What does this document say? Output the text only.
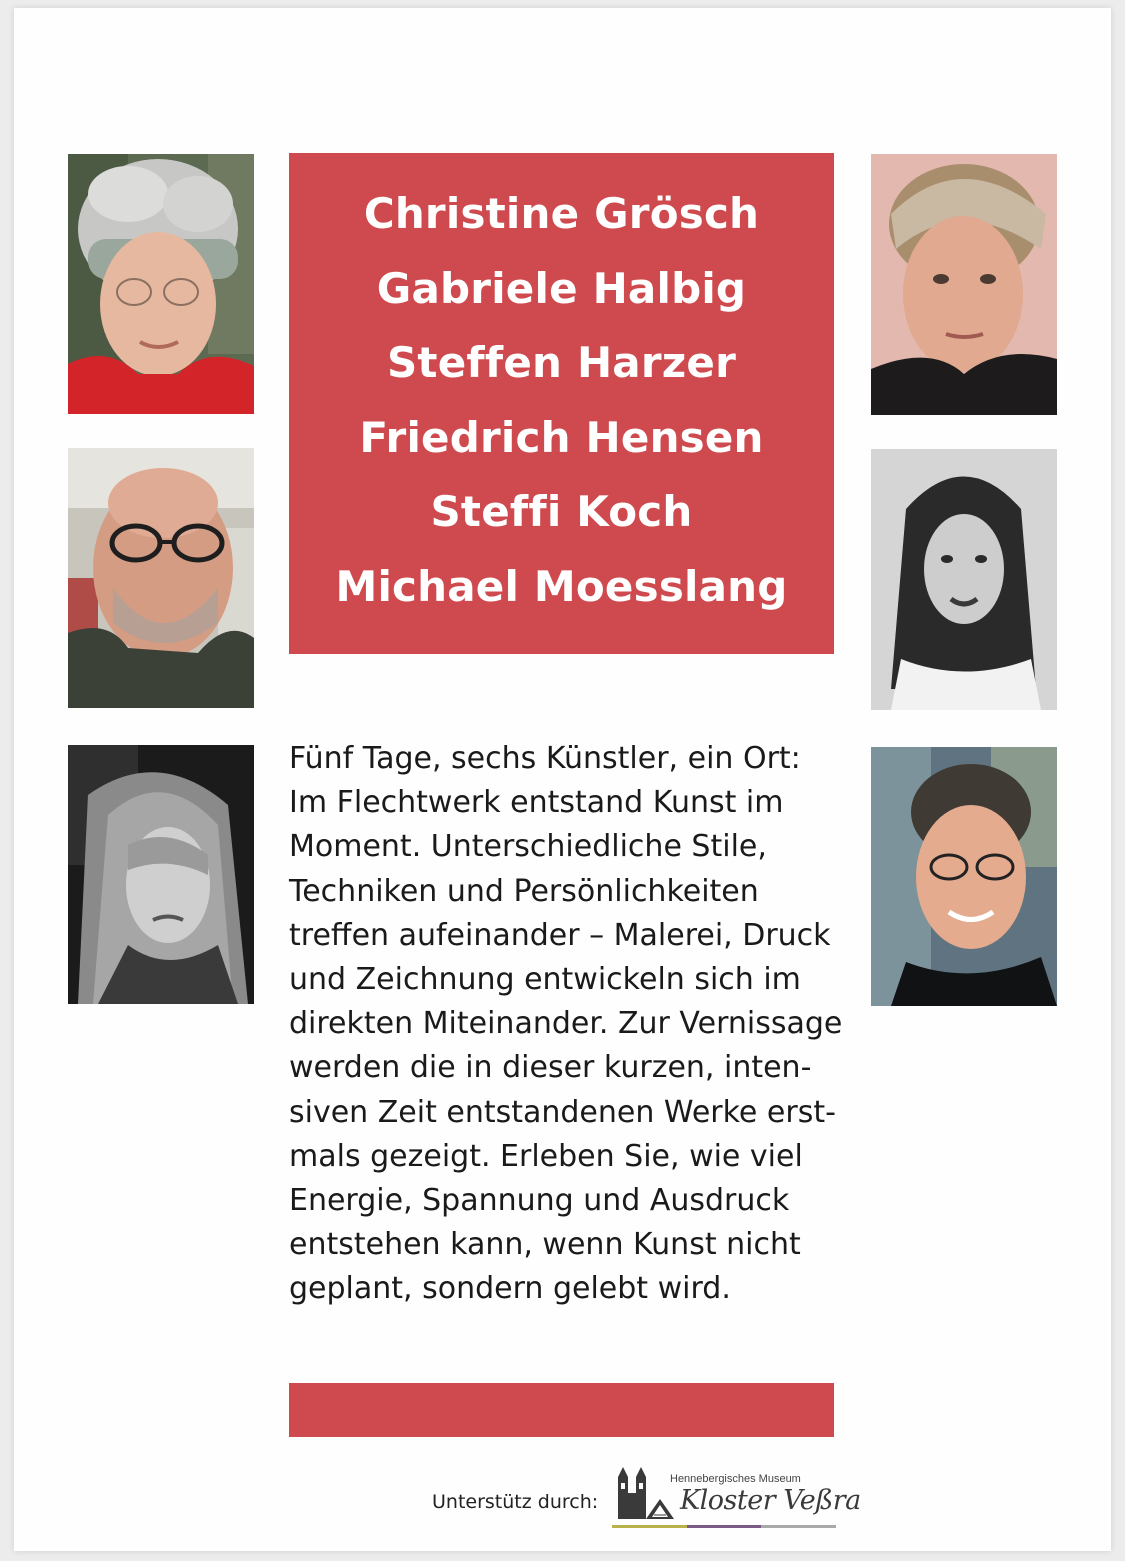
Christine Grösch
Gabriele Halbig
Steffen Harzer
Friedrich Hensen
Steffi Koch
Michael Moesslang
Fünf Tage, sechs Künstler, ein Ort:
Im Flechtwerk entstand Kunst im
Moment. Unterschiedliche Stile,
Techniken und Persönlichkeiten
treffen aufeinander – Malerei, Druck
und Zeichnung entwickeln sich im
direkten Miteinander. Zur Vernissage
werden die in dieser kurzen, inten-
siven Zeit entstandenen Werke erst-
mals gezeigt. Erleben Sie, wie viel
Energie, Spannung und Ausdruck
entstehen kann, wenn Kunst nicht
geplant, sondern gelebt wird.
Unterstütz durch:
Hennebergisches Museum
Kloster Veßra
